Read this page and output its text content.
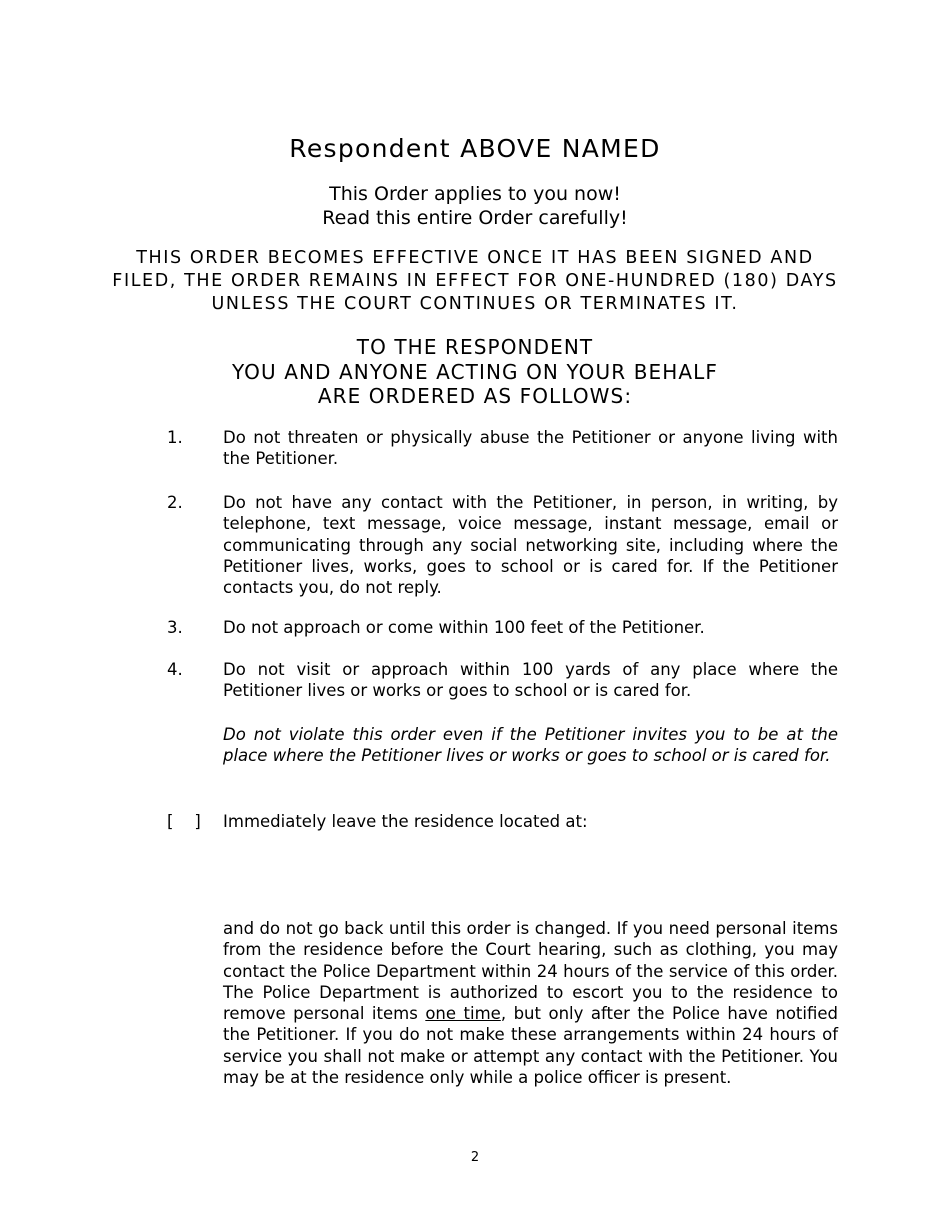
Respondent ABOVE NAMED

This Order applies to you now!

Read this entire Order carefully!

THIS ORDER BECOMES EFFECTIVE ONCE IT HAS BEEN SIGNED AND FILED, THE ORDER REMAINS IN EFFECT FOR ONE-HUNDRED (180) DAYS UNLESS THE COURT CONTINUES OR TERMINATES IT.

TO THE RESPONDENT

YOU AND ANYONE ACTING ON YOUR BEHALF

ARE ORDERED AS FOLLOWS:

1. Do not threaten or physically abuse the Petitioner or anyone living with the Petitioner.
2. Do not have any contact with the Petitioner, in person, in writing, by telephone, text message, voice message, instant message, email or communicating through any social networking site, including where the Petitioner lives, works, goes to school or is cared for. If the Petitioner contacts you, do not reply.
3. Do not approach or come within 100 feet of the Petitioner.
4. Do not visit or approach within 100 yards of any place where the Petitioner lives or works or goes to school or is cared for.
Do not violate this order even if the Petitioner invites you to be at the place where the Petitioner lives or works or goes to school or is cared for.
[    ] Immediately leave the residence located at:
and do not go back until this order is changed. If you need personal items from the residence before the Court hearing, such as clothing, you may contact the Police Department within 24 hours of the service of this order. The Police Department is authorized to escort you to the residence to remove personal items one time, but only after the Police have notified the Petitioner. If you do not make these arrangements within 24 hours of service you shall not make or attempt any contact with the Petitioner. You may be at the residence only while a police officer is present.
2
